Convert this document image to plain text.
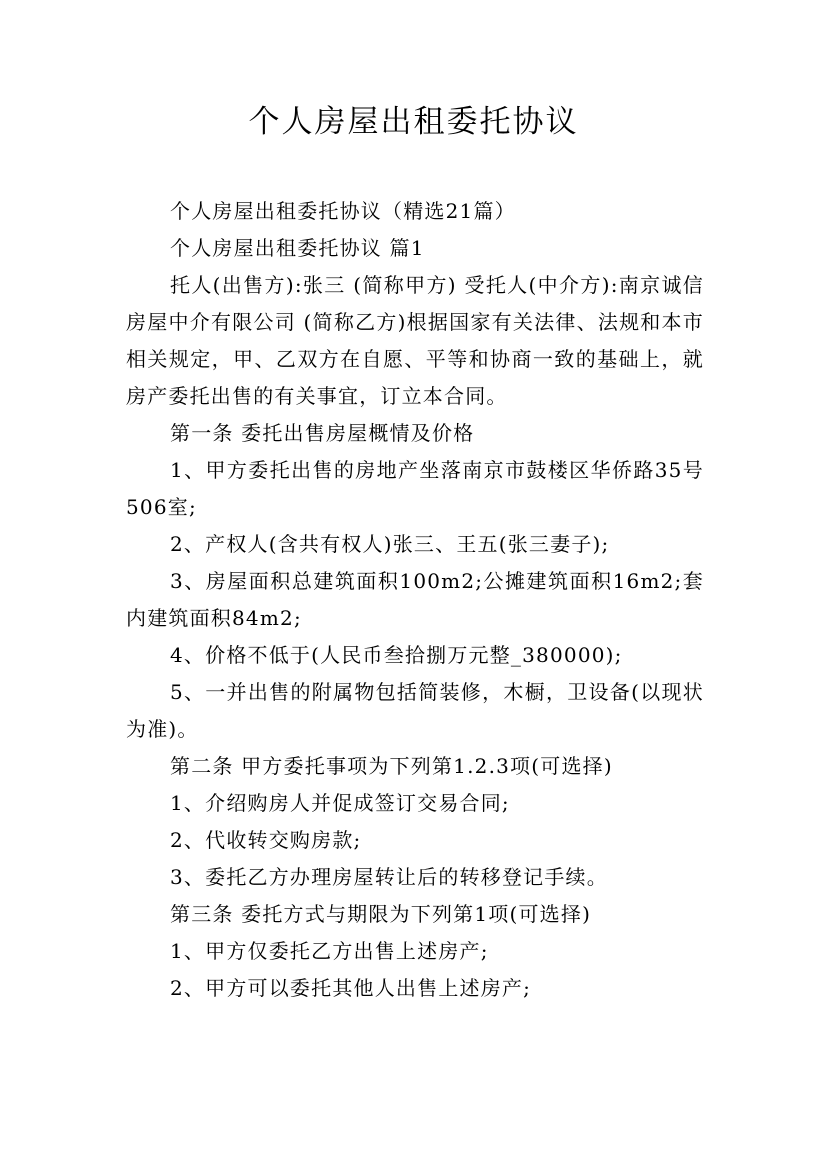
个人房屋出租委托协议

个人房屋出租委托协议（精选21篇）

个人房屋出租委托协议 篇1

托人(出售方):张三 (简称甲方) 受托人(中介方):南京诚信房屋中介有限公司 (简称乙方)根据国家有关法律、法规和本市相关规定，甲、乙双方在自愿、平等和协商一致的基础上，就房产委托出售的有关事宜，订立本合同。

第一条 委托出售房屋概情及价格

1、甲方委托出售的房地产坐落南京市鼓楼区华侨路35号506室;

2、产权人(含共有权人)张三、王五(张三妻子);

3、房屋面积总建筑面积100m2;公摊建筑面积16m2;套内建筑面积84m2;

4、价格不低于(人民币叁拾捌万元整_380000);

5、一并出售的附属物包括简装修，木橱，卫设备(以现状为准)。

第二条 甲方委托事项为下列第1.2.3项(可选择)

1、介绍购房人并促成签订交易合同;

2、代收转交购房款;

3、委托乙方办理房屋转让后的转移登记手续。

第三条 委托方式与期限为下列第1项(可选择)

1、甲方仅委托乙方出售上述房产;

2、甲方可以委托其他人出售上述房产;
